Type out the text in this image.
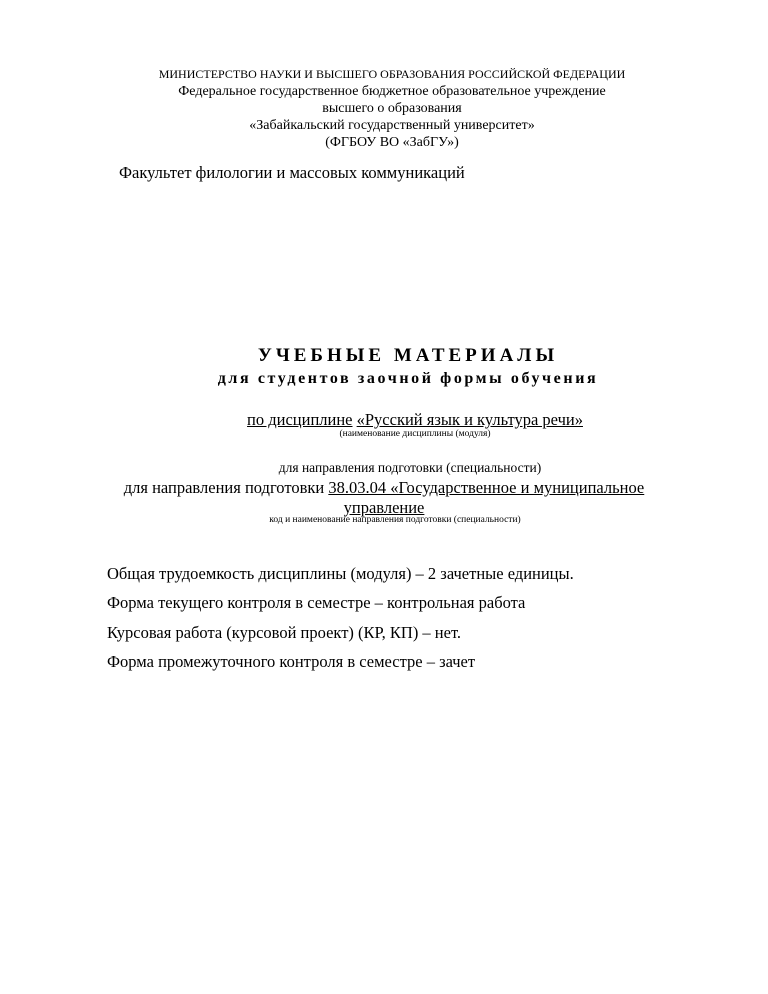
МИНИСТЕРСТВО НАУКИ И ВЫСШЕГО ОБРАЗОВАНИЯ РОССИЙСКОЙ ФЕДЕРАЦИИ
Федеральное государственное бюджетное образовательное учреждение
высшего о образования
«Забайкальский государственный университет»
(ФГБОУ ВО «ЗабГУ»)
Факультет филологии и массовых коммуникаций
УЧЕБНЫЕ МАТЕРИАЛЫ
для студентов заочной формы обучения
по дисциплине «Русский язык и культура речи»
(наименование дисциплины (модуля)
для направления подготовки (специальности)
для направления подготовки 38.03.04 «Государственное и муниципальное
управление
код и наименование направления подготовки (специальности)
Общая трудоемкость дисциплины (модуля) – 2 зачетные единицы.
Форма текущего контроля в семестре – контрольная работа
Курсовая работа (курсовой проект) (КР, КП) – нет.
Форма промежуточного контроля в семестре – зачет
